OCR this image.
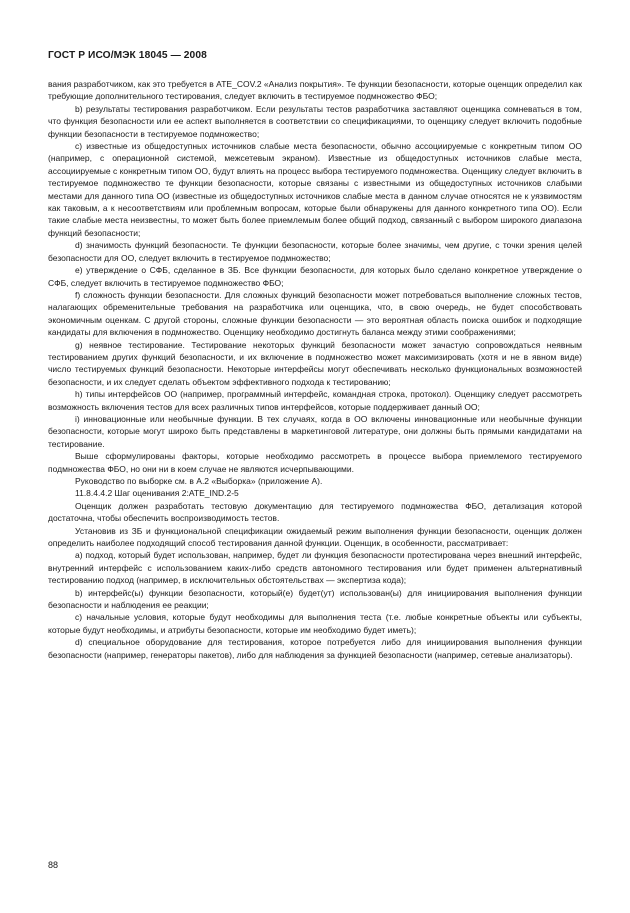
ГОСТ Р ИСО/МЭК 18045 — 2008

вания разработчиком, как это требуется в ATE_COV.2 «Анализ покрытия». Те функции безопасности, которые оценщик определил как требующие дополнительного тестирования, следует включить в тестируемое подмножество ФБО;

b) результаты тестирования разработчиком. Если результаты тестов разработчика заставляют оценщика сомневаться в том, что функция безопасности или ее аспект выполняется в соответствии со спецификациями, то оценщику следует включить подобные функции безопасности в тестируемое подмножество;

c) известные из общедоступных источников слабые места безопасности, обычно ассоциируемые с конкретным типом ОО (например, с операционной системой, межсетевым экраном). Известные из общедоступных источников слабые места, ассоциируемые с конкретным типом ОО, будут влиять на процесс выбора тестируемого подмножества. Оценщику следует включить в тестируемое подмножество те функции безопасности, которые связаны с известными из общедоступных источников слабыми местами для данного типа ОО (известные из общедоступных источников слабые места в данном случае относятся не к уязвимостям как таковым, а к несоответствиям или проблемным вопросам, которые были обнаружены для данного конкретного типа ОО). Если такие слабые места неизвестны, то может быть более приемлемым более общий подход, связанный с выбором широкого диапазона функций безопасности;

d) значимость функций безопасности. Те функции безопасности, которые более значимы, чем другие, с точки зрения целей безопасности для ОО, следует включить в тестируемое подмножество;

e) утверждение о СФБ, сделанное в ЗБ. Все функции безопасности, для которых было сделано конкретное утверждение о СФБ, следует включить в тестируемое подмножество ФБО;

f) сложность функции безопасности. Для сложных функций безопасности может потребоваться выполнение сложных тестов, налагающих обременительные требования на разработчика или оценщика, что, в свою очередь, не будет способствовать экономичным оценкам. С другой стороны, сложные функции безопасности — это вероятная область поиска ошибок и подходящие кандидаты для включения в подмножество. Оценщику необходимо достигнуть баланса между этими соображениями;

g) неявное тестирование. Тестирование некоторых функций безопасности может зачастую сопровождаться неявным тестированием других функций безопасности, и их включение в подмножество может максимизировать (хотя и не в явном виде) число тестируемых функций безопасности. Некоторые интерфейсы могут обеспечивать несколько функциональных возможностей безопасности, и их следует сделать объектом эффективного подхода к тестированию;

h) типы интерфейсов ОО (например, программный интерфейс, командная строка, протокол). Оценщику следует рассмотреть возможность включения тестов для всех различных типов интерфейсов, которые поддерживает данный ОО;

i) инновационные или необычные функции. В тех случаях, когда в ОО включены инновационные или необычные функции безопасности, которые могут широко быть представлены в маркетинговой литературе, они должны быть прямыми кандидатами на тестирование.

Выше сформулированы факторы, которые необходимо рассмотреть в процессе выбора приемлемого тестируемого подмножества ФБО, но они ни в коем случае не являются исчерпывающими.

Руководство по выборке см. в А.2 «Выборка» (приложение А).

11.8.4.4.2 Шаг оценивания 2:ATE_IND.2-5

Оценщик должен разработать тестовую документацию для тестируемого подмножества ФБО, детализация которой достаточна, чтобы обеспечить воспроизводимость тестов.

Установив из ЗБ и функциональной спецификации ожидаемый режим выполнения функции безопасности, оценщик должен определить наиболее подходящий способ тестирования данной функции. Оценщик, в особенности, рассматривает:

a) подход, который будет использован, например, будет ли функция безопасности протестирована через внешний интерфейс, внутренний интерфейс с использованием каких-либо средств автономного тестирования или будет применен альтернативный тестированию подход (например, в исключительных обстоятельствах — экспертиза кода);

b) интерфейс(ы) функции безопасности, который(е) будет(ут) использован(ы) для инициирования выполнения функции безопасности и наблюдения ее реакции;

c) начальные условия, которые будут необходимы для выполнения теста (т.е. любые конкретные объекты или субъекты, которые будут необходимы, и атрибуты безопасности, которые им необходимо будет иметь);

d) специальное оборудование для тестирования, которое потребуется либо для инициирования выполнения функции безопасности (например, генераторы пакетов), либо для наблюдения за функцией безопасности (например, сетевые анализаторы).

88
